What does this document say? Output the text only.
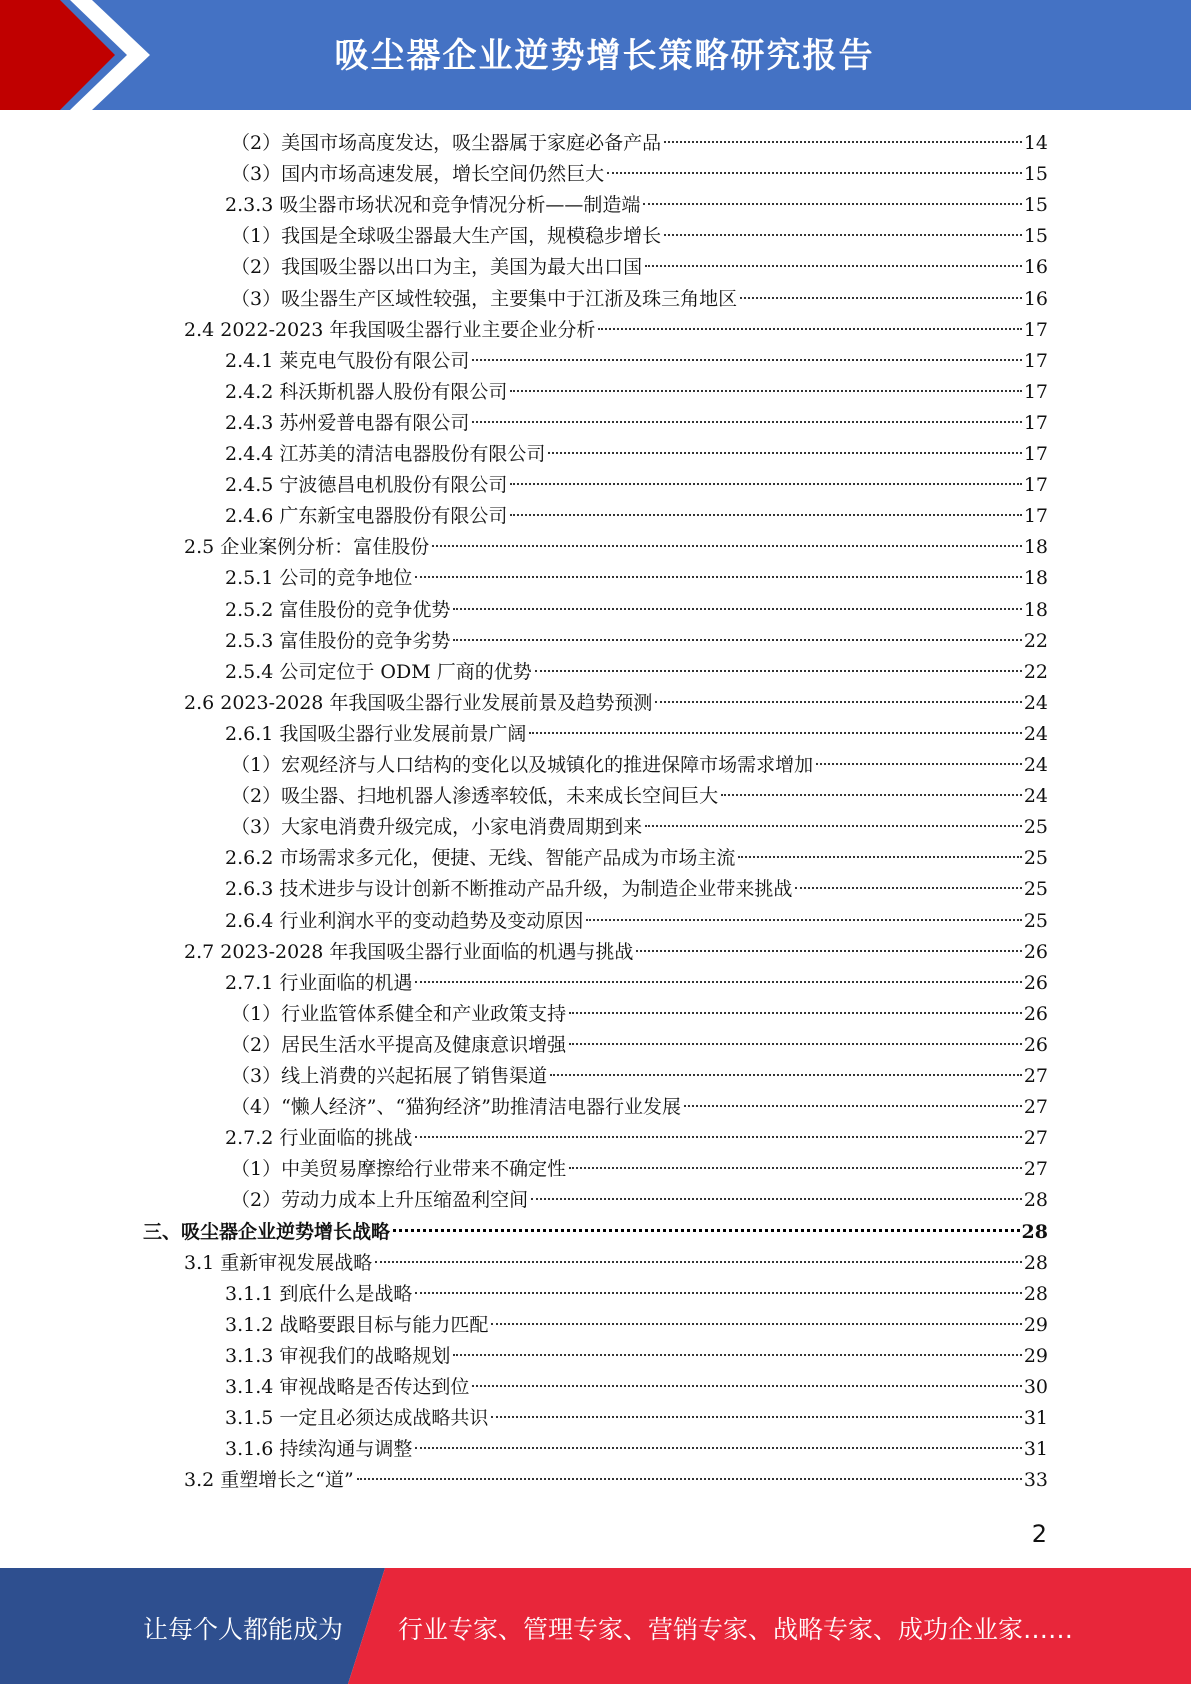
吸尘器企业逆势增长策略研究报告
（2）美国市场高度发达，吸尘器属于家庭必备产品	14
（3）国内市场高速发展，增长空间仍然巨大	15
2.3.3 吸尘器市场状况和竞争情况分析——制造端	15
（1）我国是全球吸尘器最大生产国，规模稳步增长	15
（2）我国吸尘器以出口为主，美国为最大出口国	16
（3）吸尘器生产区域性较强，主要集中于江浙及珠三角地区	16
2.4 2022-2023 年我国吸尘器行业主要企业分析	17
2.4.1 莱克电气股份有限公司	17
2.4.2 科沃斯机器人股份有限公司	17
2.4.3 苏州爱普电器有限公司	17
2.4.4 江苏美的清洁电器股份有限公司	17
2.4.5 宁波德昌电机股份有限公司	17
2.4.6 广东新宝电器股份有限公司	17
2.5 企业案例分析：富佳股份	18
2.5.1 公司的竞争地位	18
2.5.2 富佳股份的竞争优势	18
2.5.3 富佳股份的竞争劣势	22
2.5.4 公司定位于 ODM 厂商的优势	22
2.6 2023-2028 年我国吸尘器行业发展前景及趋势预测	24
2.6.1 我国吸尘器行业发展前景广阔	24
（1）宏观经济与人口结构的变化以及城镇化的推进保障市场需求增加	24
（2）吸尘器、扫地机器人渗透率较低，未来成长空间巨大	24
（3）大家电消费升级完成，小家电消费周期到来	25
2.6.2 市场需求多元化，便捷、无线、智能产品成为市场主流	25
2.6.3 技术进步与设计创新不断推动产品升级，为制造企业带来挑战	25
2.6.4 行业利润水平的变动趋势及变动原因	25
2.7 2023-2028 年我国吸尘器行业面临的机遇与挑战	26
2.7.1 行业面临的机遇	26
（1）行业监管体系健全和产业政策支持	26
（2）居民生活水平提高及健康意识增强	26
（3）线上消费的兴起拓展了销售渠道	27
（4）“懒人经济”、“猫狗经济”助推清洁电器行业发展	27
2.7.2 行业面临的挑战	27
（1）中美贸易摩擦给行业带来不确定性	27
（2）劳动力成本上升压缩盈利空间	28
三、吸尘器企业逆势增长战略	28
3.1 重新审视发展战略	28
3.1.1 到底什么是战略	28
3.1.2 战略要跟目标与能力匹配	29
3.1.3 审视我们的战略规划	29
3.1.4 审视战略是否传达到位	30
3.1.5 一定且必须达成战略共识	31
3.1.6 持续沟通与调整	31
3.2 重塑增长之“道”	33
2
让每个人都能成为 行业专家、管理专家、营销专家、战略专家、成功企业家……
